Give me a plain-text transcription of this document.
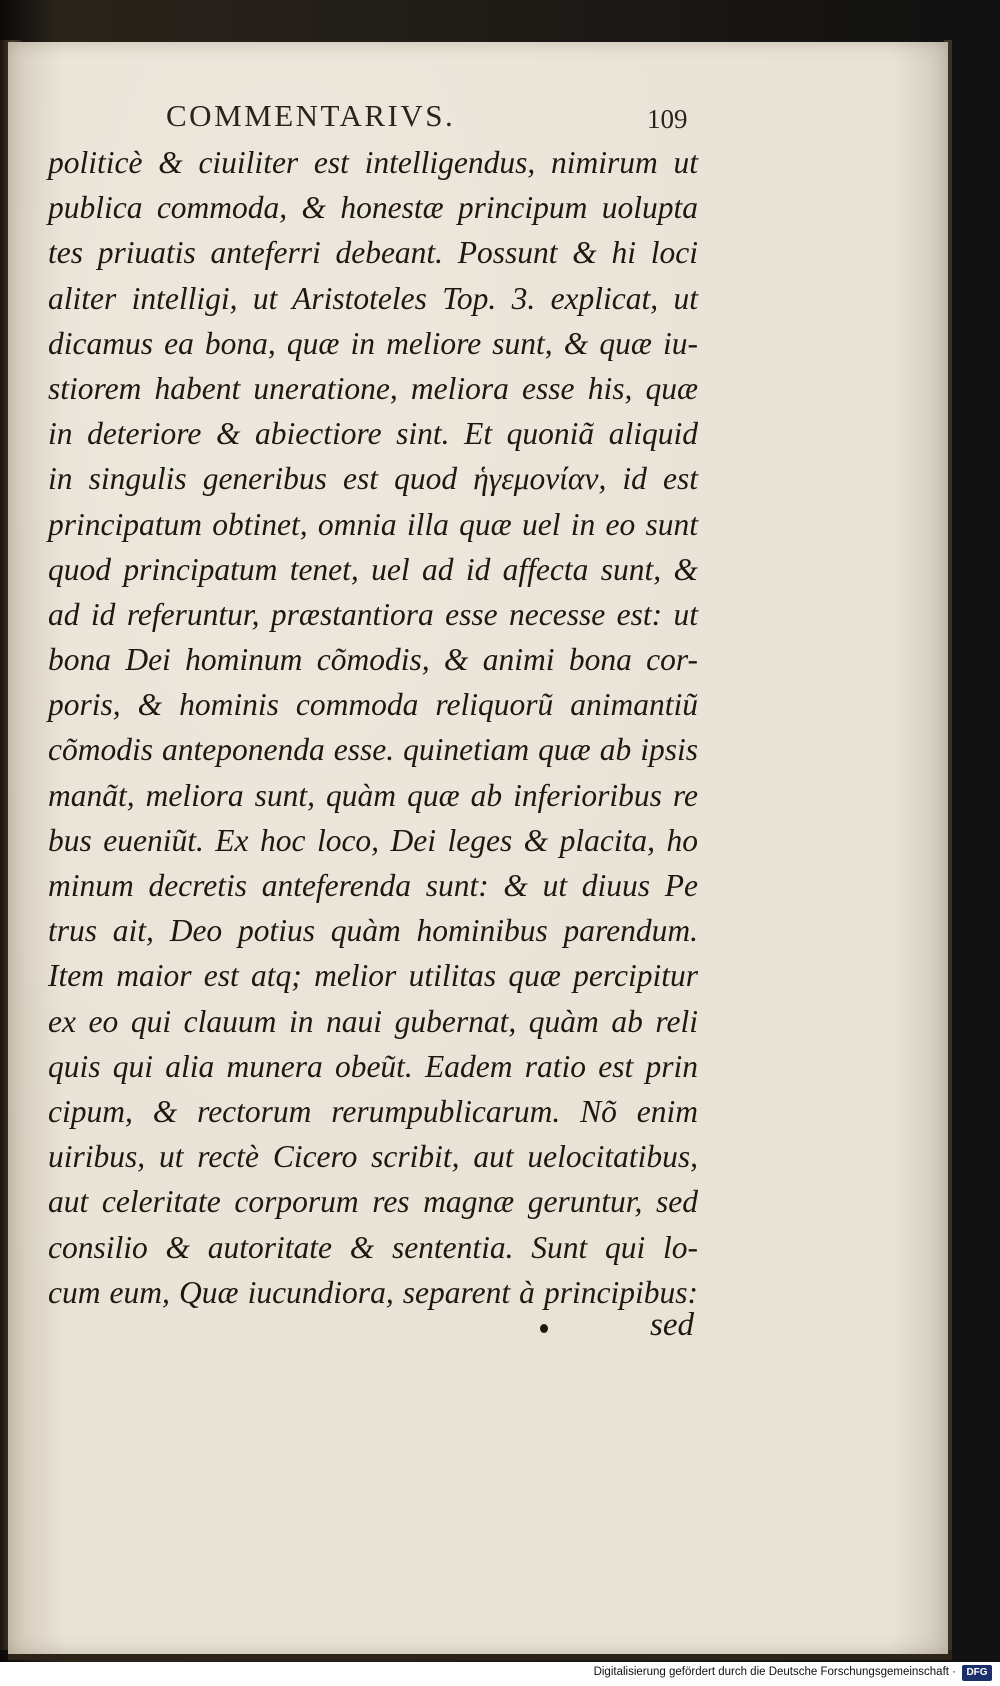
COMMENTARIVS.	109
politicè & ciuiliter est intelligendus, nimirum ut
publica commoda, & honestæ principum uolupta
tes priuatis anteferri debeant. Possunt & hi loci
aliter intelligi, ut Aristoteles Top. 3. explicat, ut
dicamus ea bona, quæ in meliore sunt, & quæ iu-
stiorem habent uneratione, meliora esse his, quæ
in deteriore & abiectiore sint. Et quoniã aliquid
in singulis generibus est quod ἡγεμονίαν, id est
principatum obtinet, omnia illa quæ uel in eo sunt
quod principatum tenet, uel ad id affecta sunt, &
ad id referuntur, præstantiora esse necesse est: ut
bona Dei hominum cõmodis, & animi bona cor-
poris, & hominis commoda reliquorũ animantiũ
cõmodis anteponenda esse. quinetiam quæ ab ipsis
manãt, meliora sunt, quàm quæ ab inferioribus re
bus eueniũt. Ex hoc loco, Dei leges & placita, ho
minum decretis anteferenda sunt: & ut diuus Pe
trus ait, Deo potius quàm hominibus parendum.
Item maior est atq; melior utilitas quæ percipitur
ex eo qui clauum in naui gubernat, quàm ab reli
quis qui alia munera obeũt. Eadem ratio est prin
cipum, & rectorum rerumpublicarum. Nõ enim
uiribus, ut rectè Cicero scribit, aut uelocitatibus,
aut celeritate corporum res magnæ geruntur, sed
consilio & autoritate & sententia. Sunt qui lo-
cum eum, Quæ iucundiora, separent à principibus:
sed
Digitalisierung gefördert durch die Deutsche Forschungsgemeinschaft ·	DFG
